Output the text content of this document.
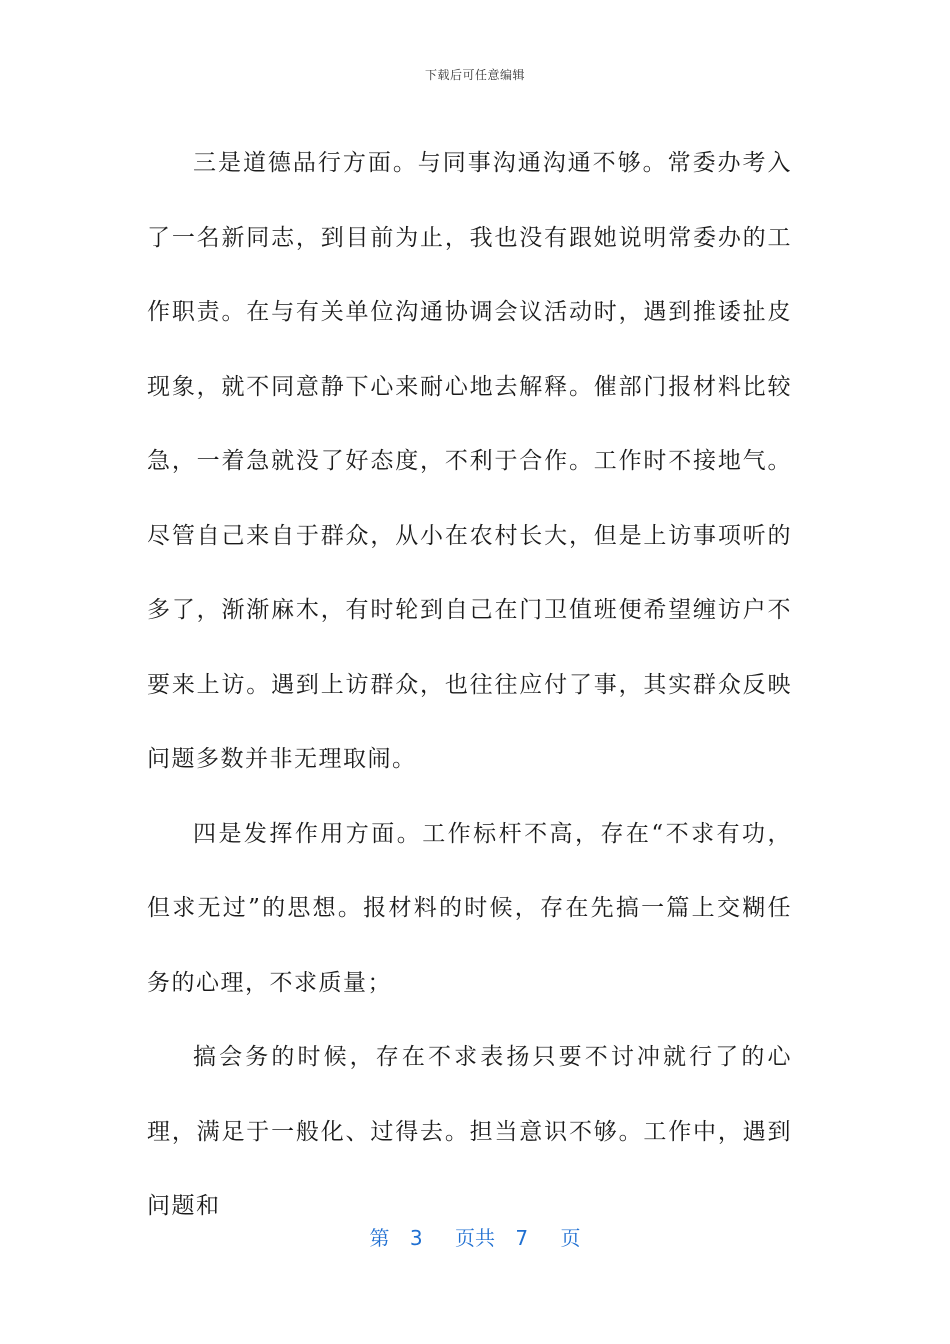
下载后可任意编辑

三是道德品行方面。与同事沟通沟通不够。常委办考入了一名新同志，到目前为止，我也没有跟她说明常委办的工作职责。在与有关单位沟通协调会议活动时，遇到推诿扯皮现象，就不同意静下心来耐心地去解释。催部门报材料比较急，一着急就没了好态度，不利于合作。工作时不接地气。尽管自己来自于群众，从小在农村长大，但是上访事项听的多了，渐渐麻木，有时轮到自己在门卫值班便希望缠访户不要来上访。遇到上访群众，也往往应付了事，其实群众反映问题多数并非无理取闹。

四是发挥作用方面。工作标杆不高，存在“不求有功，但求无过”的思想。报材料的时候，存在先搞一篇上交糊任务的心理，不求质量；

搞会务的时候，存在不求表扬只要不讨冲就行了的心理，满足于一般化、过得去。担当意识不够。工作中，遇到问题和

第 3 页共 7 页
